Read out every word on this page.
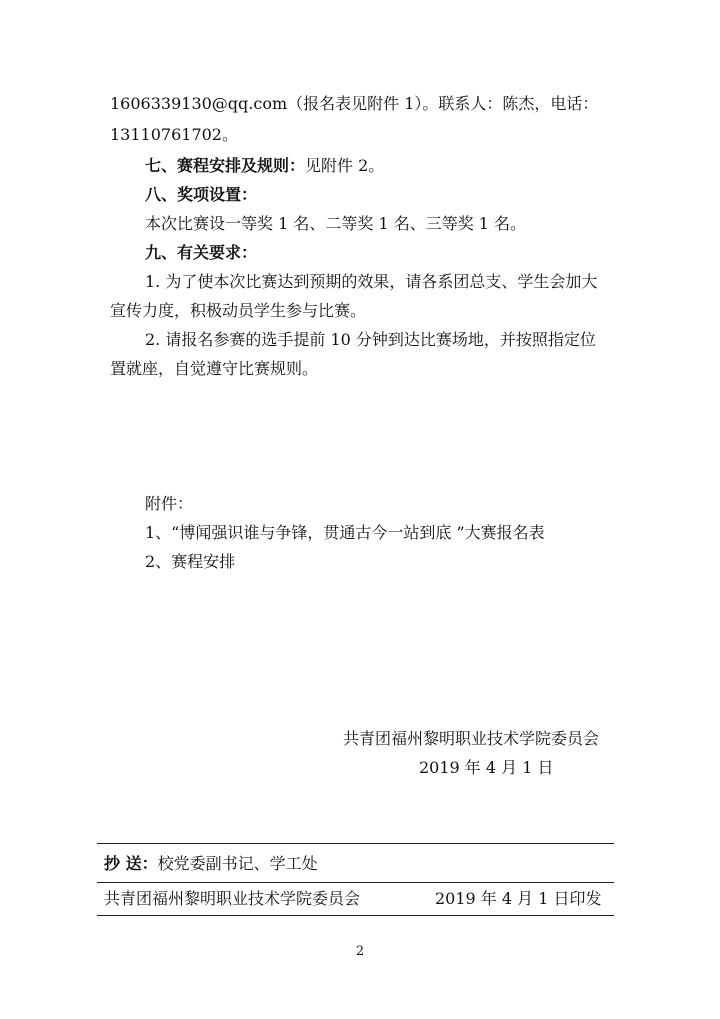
1606339130@qq.com（报名表见附件 1）。联系人：陈杰，电话：
13110761702。
七、赛程安排及规则：见附件 2。
八、奖项设置：
本次比赛设一等奖 1 名、二等奖 1 名、三等奖 1 名。
九、有关要求：
1. 为了使本次比赛达到预期的效果，请各系团总支、学生会加大
宣传力度，积极动员学生参与比赛。
2. 请报名参赛的选手提前 10 分钟到达比赛场地，并按照指定位
置就座，自觉遵守比赛规则。
附件：
1、“博闻强识谁与争锋，贯通古今一站到底 ”大赛报名表
2、赛程安排
共青团福州黎明职业技术学院委员会
2019 年 4 月 1 日
抄 送：校党委副书记、学工处
共青团福州黎明职业技术学院委员会	2019 年 4 月 1 日印发
2
